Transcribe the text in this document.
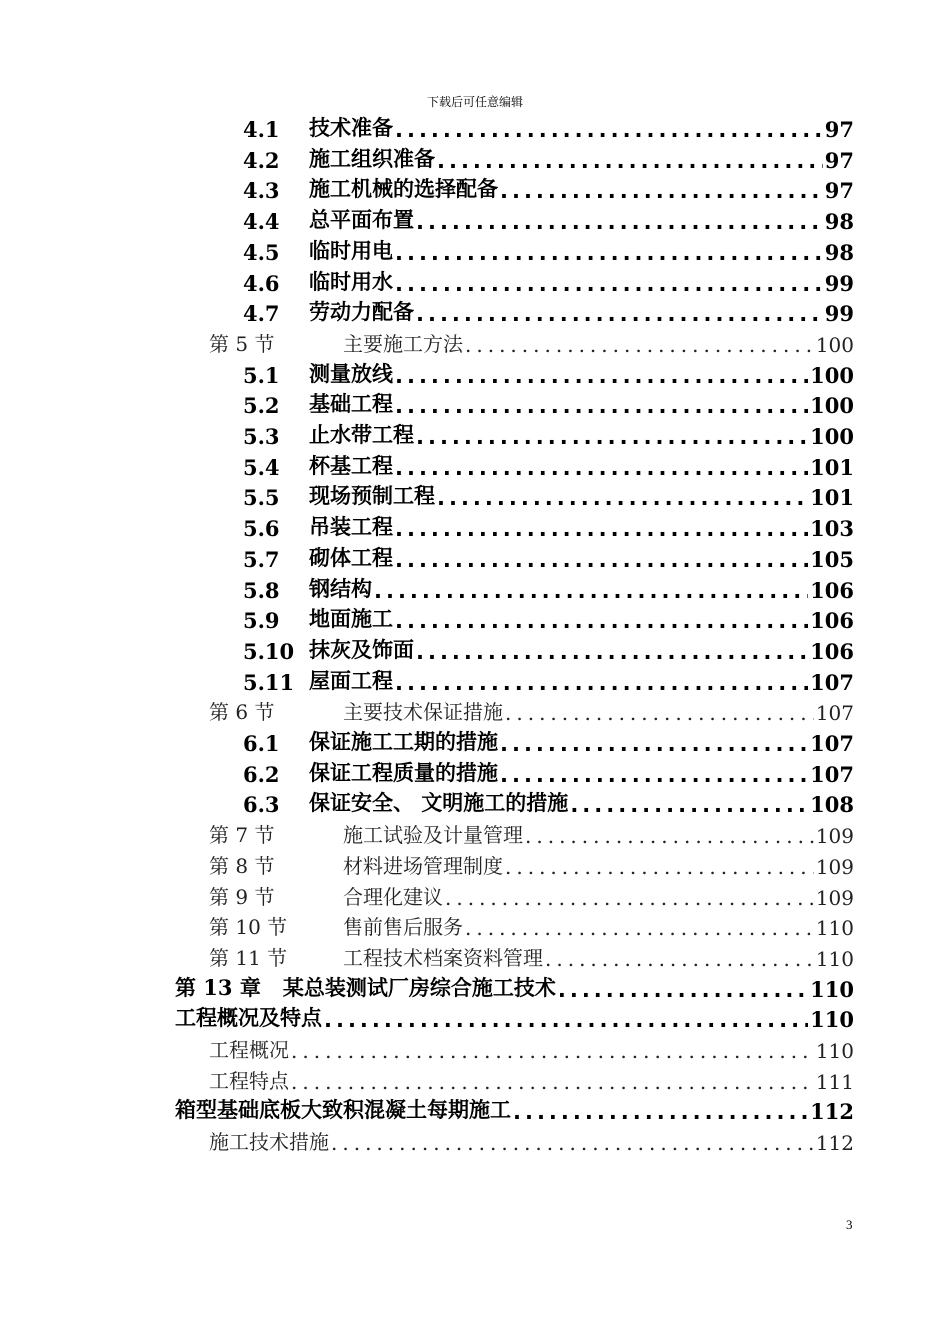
下载后可任意编辑
4.1	技术准备 .....	97
4.2	施工组织准备 .....	97
4.3	施工机械的选择配备 .....	97
4.4	总平面布置 .....	98
4.5	临时用电 .....	98
4.6	临时用水 .....	99
4.7	劳动力配备 .....	99
第 5 节	主要施工方法 .....	100
5.1	测量放线 .....	100
5.2	基础工程 .....	100
5.3	止水带工程 .....	100
5.4	杯基工程 .....	101
5.5	现场预制工程 .....	101
5.6	吊装工程 .....	103
5.7	砌体工程 .....	105
5.8	钢结构 .....	106
5.9	地面施工 .....	106
5.10 抹灰及饰面 .....	106
5.11 屋面工程 .....	107
第 6 节	主要技术保证措施 .....	107
6.1	保证施工工期的措施 .....	107
6.2	保证工程质量的措施 .....	107
6.3	保证安全、 文明施工的措施 .....	108
第 7 节	施工试验及计量管理 .....	109
第 8 节	材料进场管理制度 .....	109
第 9 节	合理化建议 .....	109
第 10 节	售前售后服务 .....	110
第 11 节	工程技术档案资料管理 .....	110
第 13 章 某总装测试厂房综合施工技术 .....	110
工程概况及特点 .....	110
工程概况 .....	110
工程特点 .....	111
箱型基础底板大致积混凝土每期施工 .....	112
施工技术措施 .....	112
3
